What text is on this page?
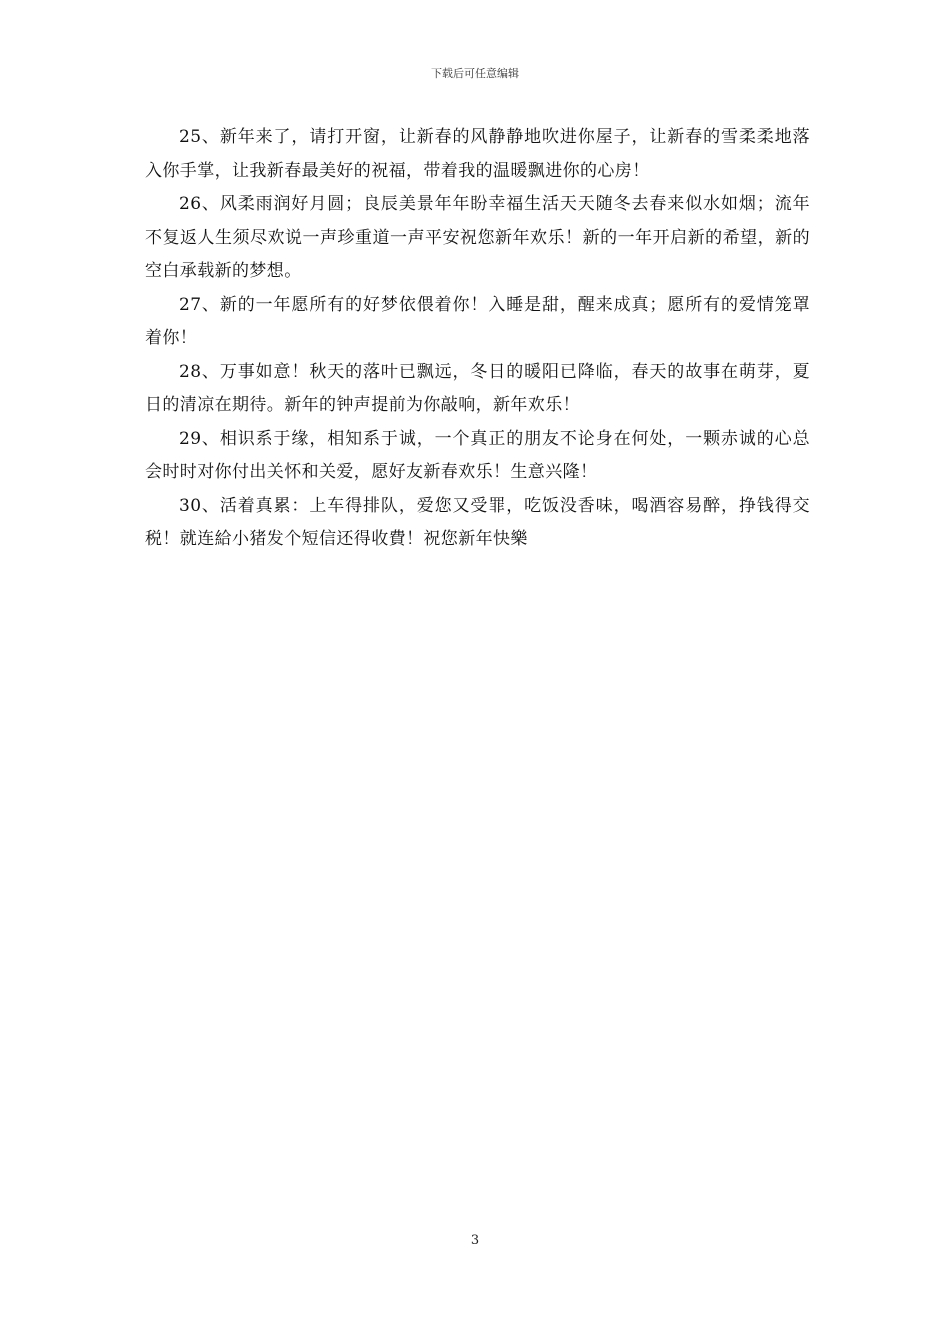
下载后可任意编辑

25、新年来了，请打开窗，让新春的风静静地吹进你屋子，让新春的雪柔柔地落入你手掌，让我新春最美好的祝福，带着我的温暖飘进你的心房！

26、风柔雨润好月圆；良辰美景年年盼幸福生活天天随冬去春来似水如烟；流年不复返人生须尽欢说一声珍重道一声平安祝您新年欢乐！新的一年开启新的希望，新的空白承载新的梦想。

27、新的一年愿所有的好梦依偎着你！入睡是甜，醒来成真；愿所有的爱情笼罩着你！

28、万事如意！秋天的落叶已飘远，冬日的暖阳已降临，春天的故事在萌芽，夏日的清凉在期待。新年的钟声提前为你敲响，新年欢乐！

29、相识系于缘，相知系于诚，一个真正的朋友不论身在何处，一颗赤诚的心总会时时对你付出关怀和关爱，愿好友新春欢乐！生意兴隆！

30、活着真累：上车得排队，爱您又受罪，吃饭没香味，喝酒容易醉，挣钱得交税！就连給小猪发个短信还得收費！祝您新年快樂

3
